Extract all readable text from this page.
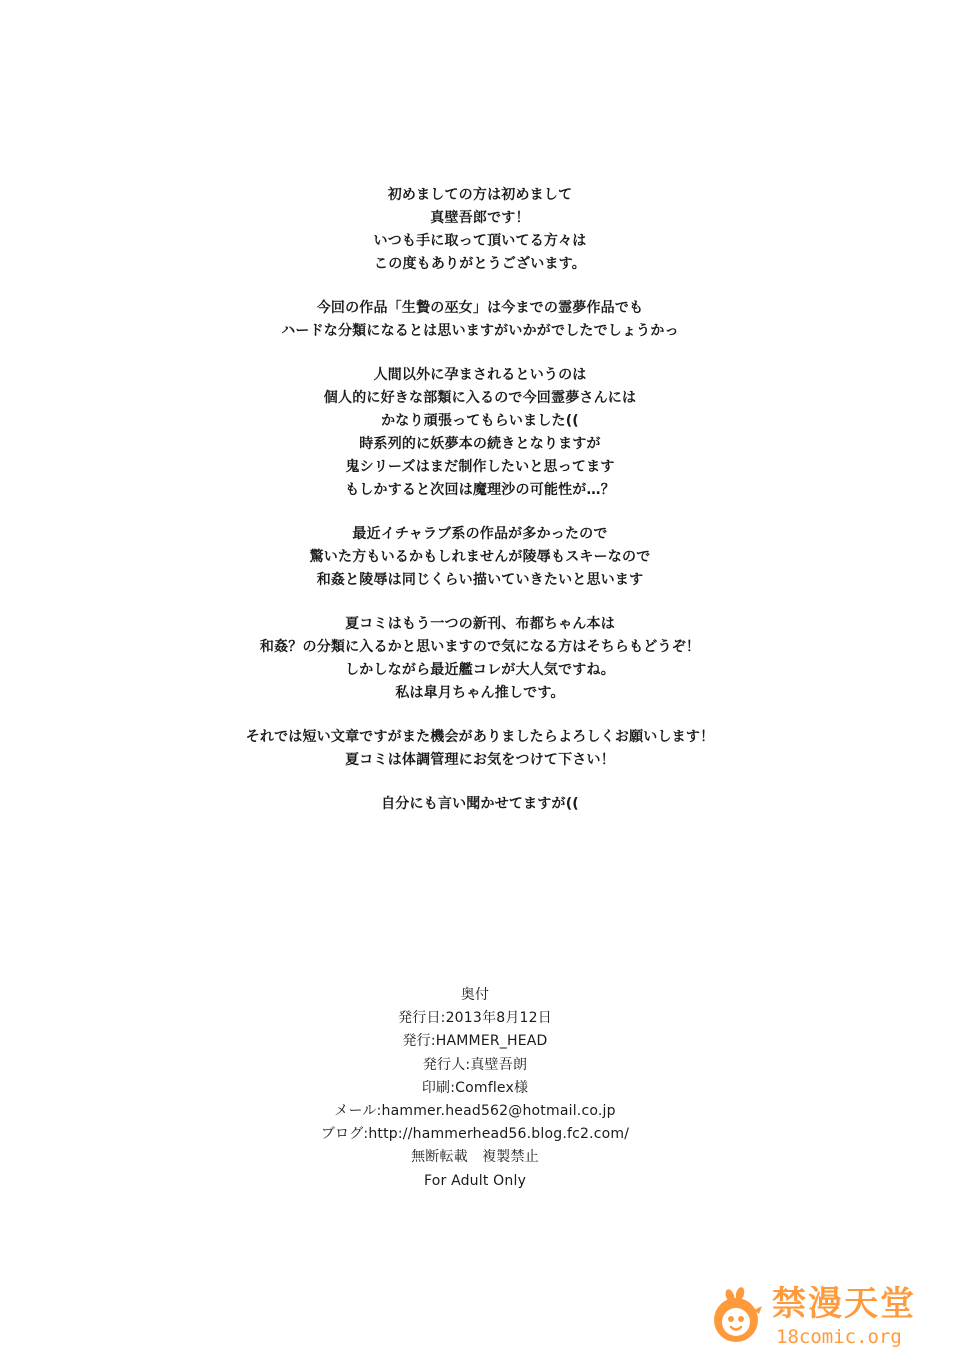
初めましての方は初めまして
真壁吾郎です！
いつも手に取って頂いてる方々は
この度もありがとうございます。
今回の作品「生贄の巫女」は今までの霊夢作品でも
ハードな分類になるとは思いますがいかがでしたでしょうかっ
人間以外に孕まされるというのは
個人的に好きな部類に入るので今回霊夢さんには
かなり頑張ってもらいました((
時系列的に妖夢本の続きとなりますが
鬼シリーズはまだ制作したいと思ってます
もしかすると次回は魔理沙の可能性が…？
最近イチャラブ系の作品が多かったので
驚いた方もいるかもしれませんが陵辱もスキーなので
和姦と陵辱は同じくらい描いていきたいと思います
夏コミはもう一つの新刊、布都ちゃん本は
和姦？の分類に入るかと思いますので気になる方はそちらもどうぞ！
しかしながら最近艦コレが大人気ですね。
私は皐月ちゃん推しです。
それでは短い文章ですがまた機会がありましたらよろしくお願いします！
夏コミは体調管理にお気をつけて下さい！
自分にも言い聞かせてますが((
奥付
発行日:2013年8月12日
発行:HAMMER_HEAD
発行人:真壁吾朗
印刷:Comflex様
メール:hammer.head562@hotmail.co.jp
ブログ:http://hammerhead56.blog.fc2.com/
無断転載　複製禁止
For Adult Only
禁漫天堂
18comic.org
